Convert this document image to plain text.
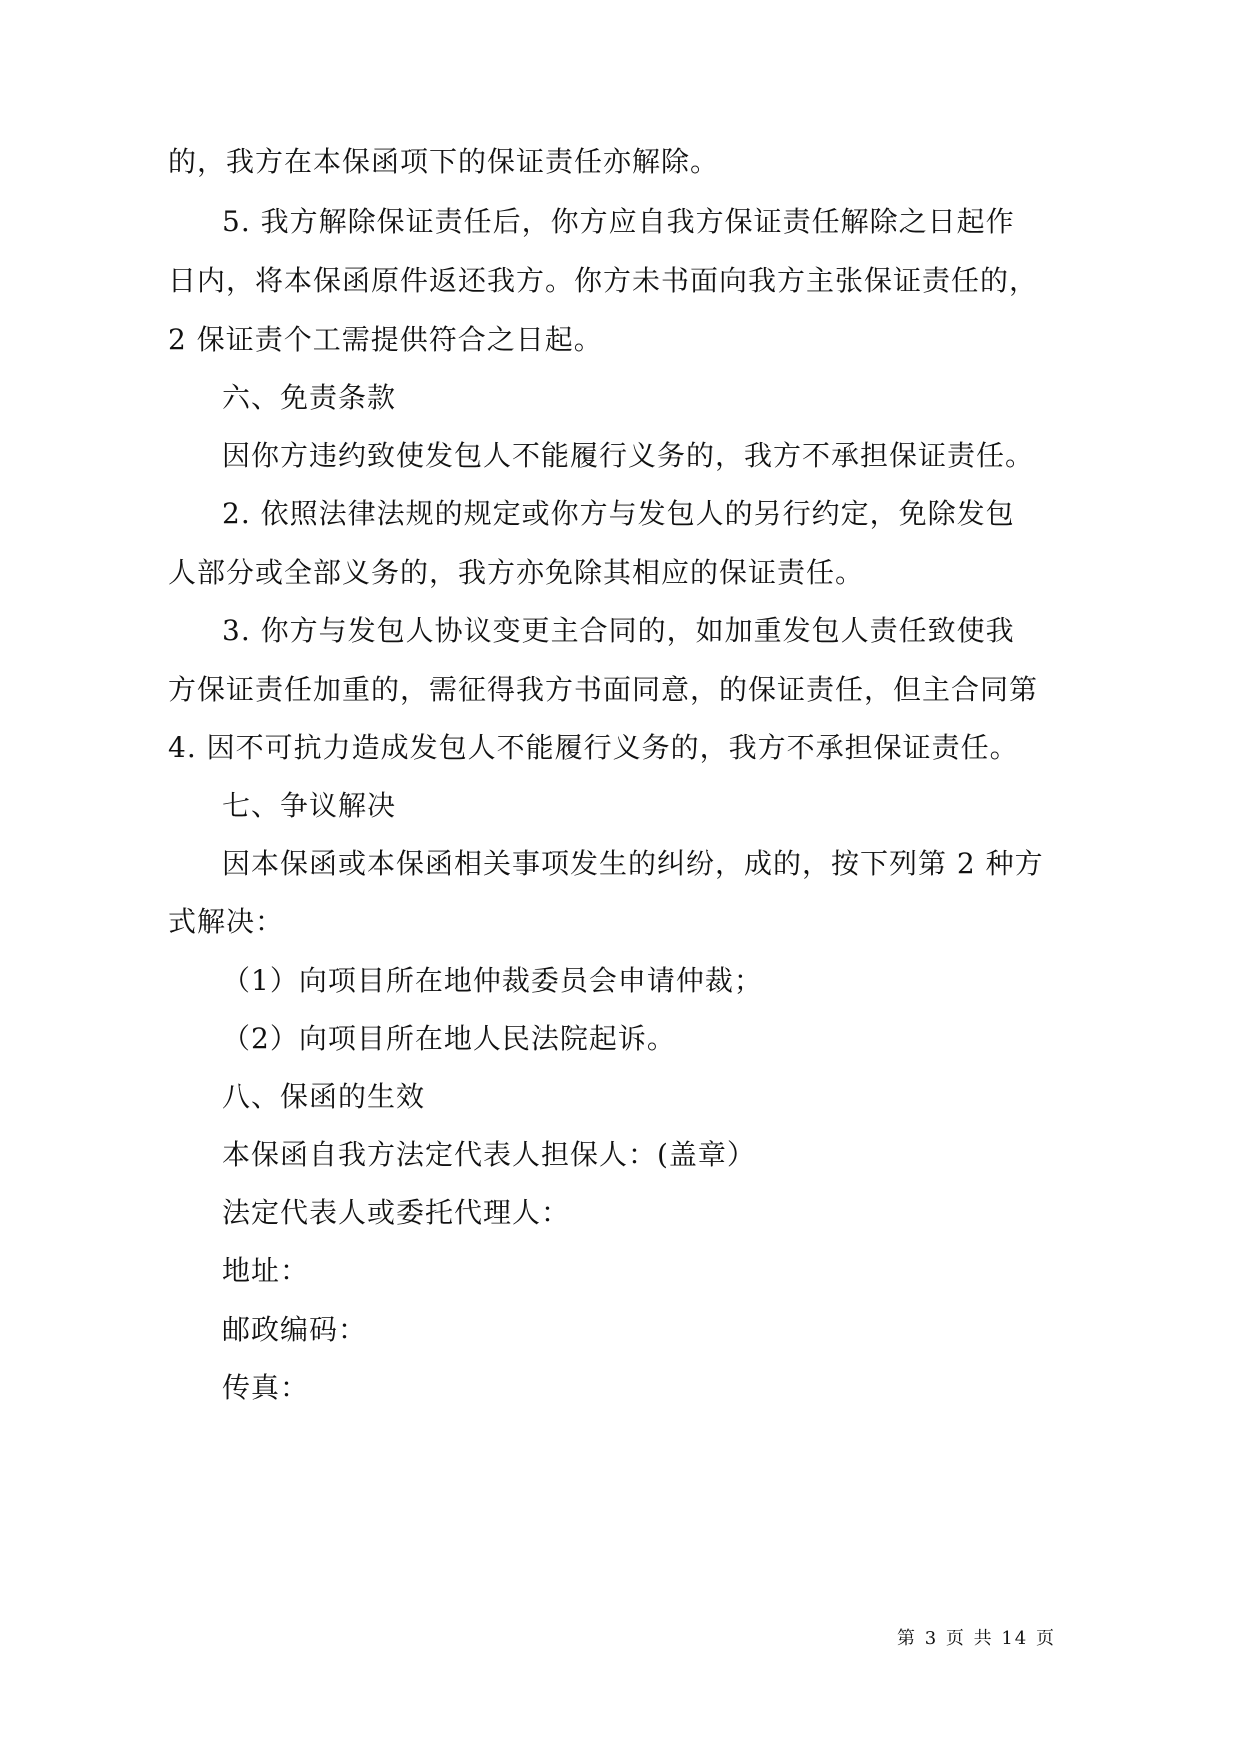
的，我方在本保函项下的保证责任亦解除。
5. 我方解除保证责任后，你方应自我方保证责任解除之日起作
日内，将本保函原件返还我方。你方未书面向我方主张保证责任的，
2 保证责个工需提供符合之日起。
六、免责条款
因你方违约致使发包人不能履行义务的，我方不承担保证责任。
2. 依照法律法规的规定或你方与发包人的另行约定，免除发包
人部分或全部义务的，我方亦免除其相应的保证责任。
3. 你方与发包人协议变更主合同的，如加重发包人责任致使我
方保证责任加重的，需征得我方书面同意，的保证责任，但主合同第
4. 因不可抗力造成发包人不能履行义务的，我方不承担保证责任。
七、争议解决
因本保函或本保函相关事项发生的纠纷，成的，按下列第 2 种方
式解决：
（1）向项目所在地仲裁委员会申请仲裁；
（2）向项目所在地人民法院起诉。
八、保函的生效
本保函自我方法定代表人担保人：(盖章）
法定代表人或委托代理人：
地址：
邮政编码：
传真：
第 3 页 共 14 页
